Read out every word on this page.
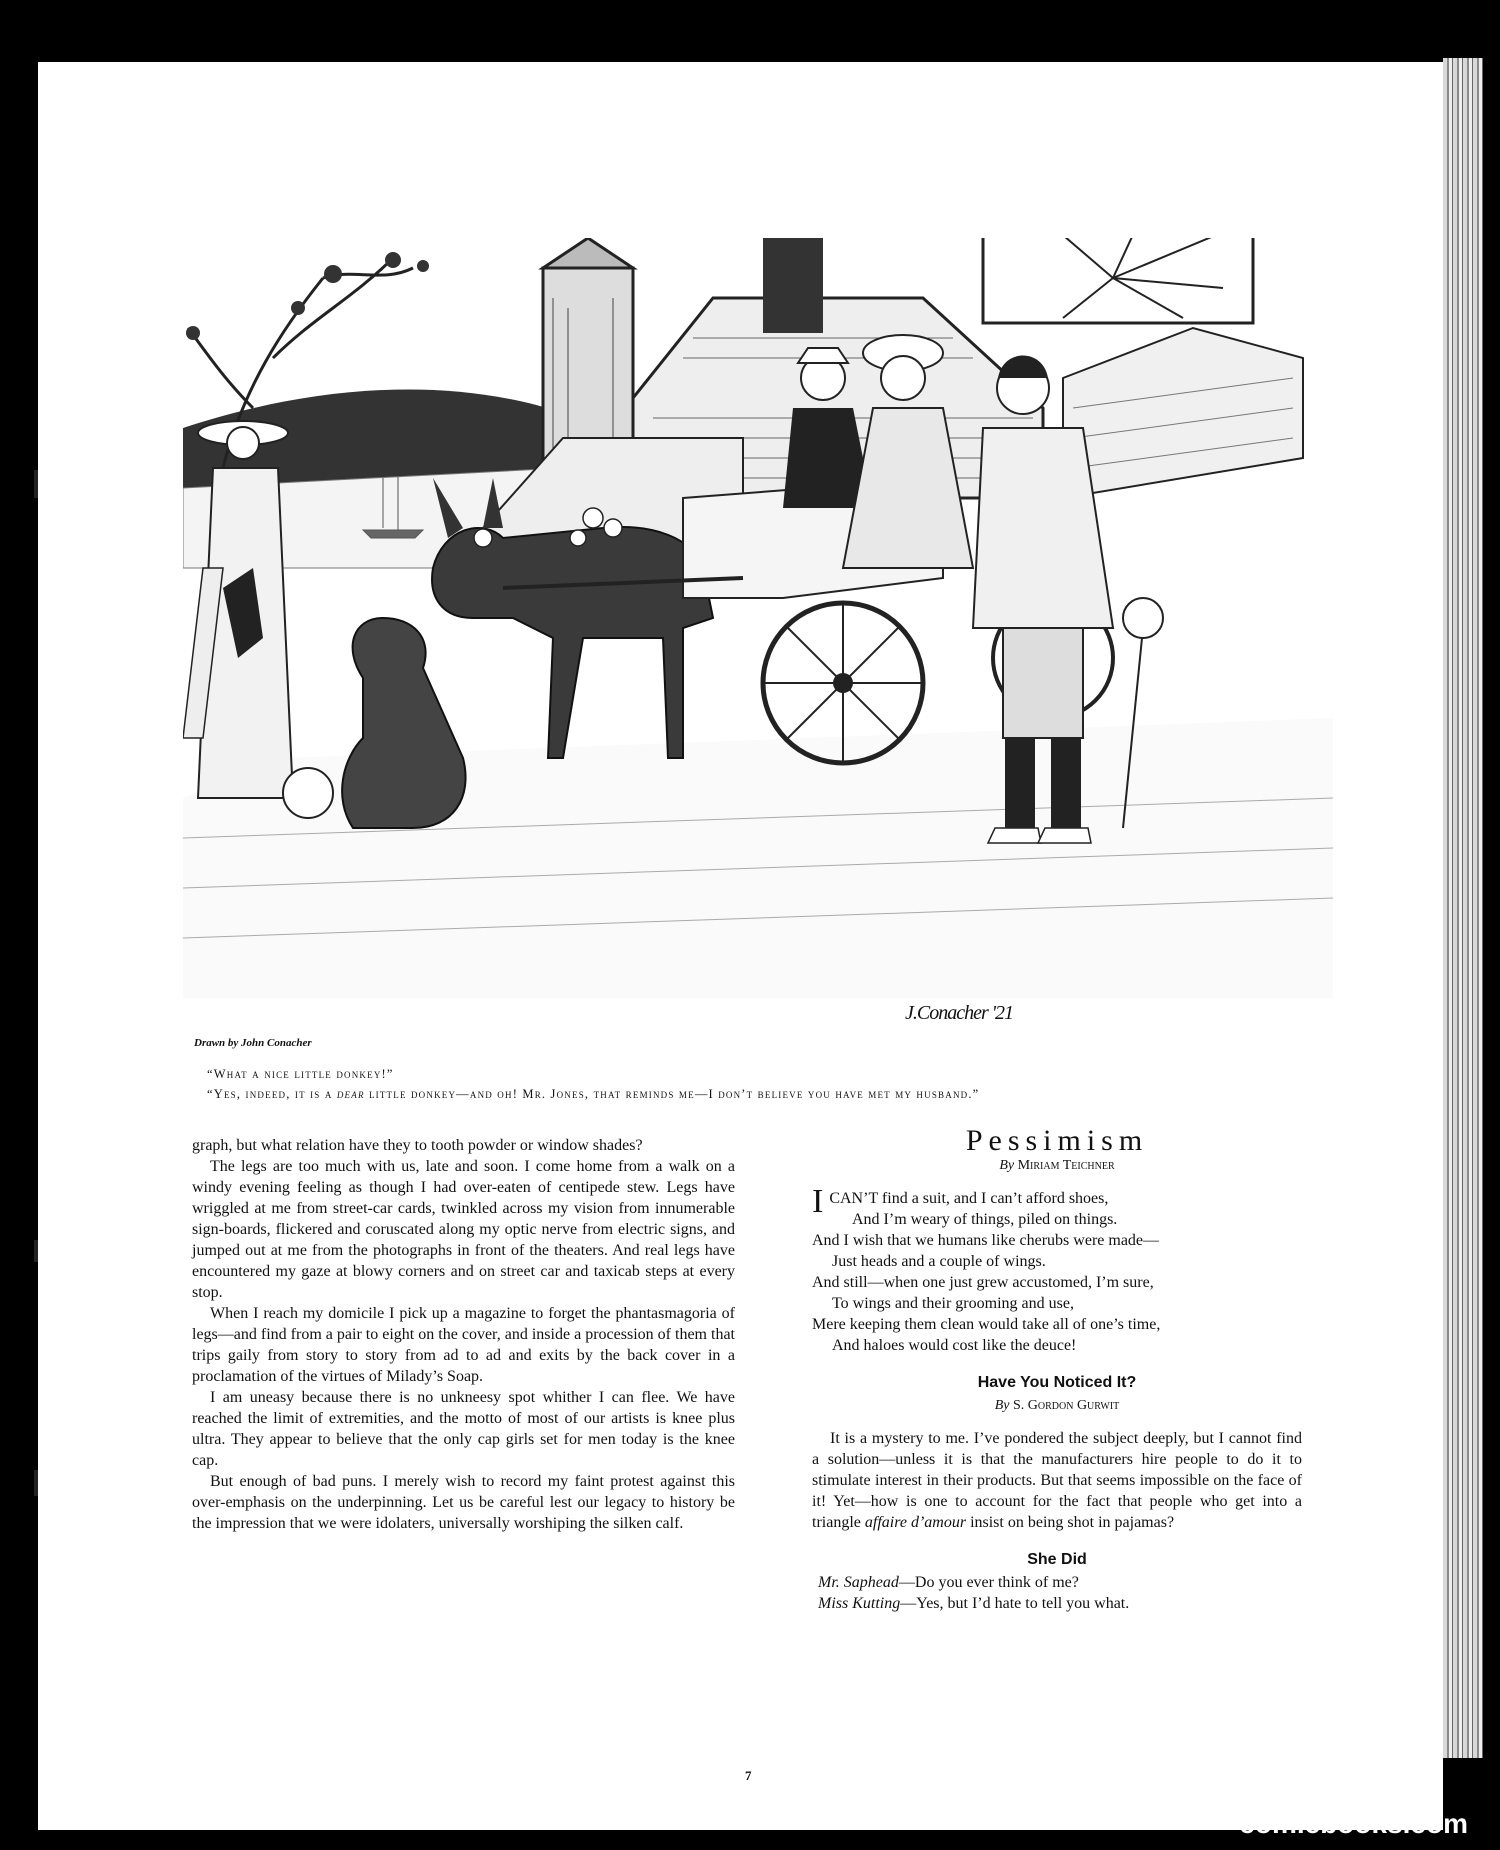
J.Conacher '21
Drawn by John Conacher
“What a nice little donkey!”
“Yes, indeed, it is a dear little donkey—and oh! Mr. Jones, that reminds me—I don’t believe you have met my husband.”

graph, but what relation have they to tooth powder or window shades?

The legs are too much with us, late and soon. I come home from a walk on a windy evening feeling as though I had over-eaten of centipede stew. Legs have wriggled at me from street-car cards, twinkled across my vision from innumerable sign-boards, flickered and coruscated along my optic nerve from electric signs, and jumped out at me from the photographs in front of the theaters. And real legs have encountered my gaze at blowy corners and on street car and taxicab steps at every stop.

When I reach my domicile I pick up a magazine to forget the phantasmagoria of legs—and find from a pair to eight on the cover, and inside a procession of them that trips gaily from story to story from ad to ad and exits by the back cover in a proclamation of the virtues of Milady’s Soap.

I am uneasy because there is no unkneesy spot whither I can flee. We have reached the limit of extremities, and the motto of most of our artists is knee plus ultra. They appear to believe that the only cap girls set for men today is the knee cap.

But enough of bad puns. I merely wish to record my faint protest against this over-emphasis on the underpinning. Let us be careful lest our legacy to history be the impression that we were idolaters, universally worshiping the silken calf.

Pessimism
By Miriam Teichner
ICAN’T find a suit, and I can’t afford shoes,
And I’m weary of things, piled on things.
And I wish that we humans like cherubs were made—
Just heads and a couple of wings.
And still—when one just grew accustomed, I’m sure,
To wings and their grooming and use,
Mere keeping them clean would take all of one’s time,
And haloes would cost like the deuce!
Have You Noticed It?
By S. Gordon Gurwit

It is a mystery to me. I’ve pondered the subject deeply, but I cannot find a solution—unless it is that the manufacturers hire people to do it to stimulate interest in their products. But that seems impossible on the face of it! Yet—how is one to account for the fact that people who get into a triangle affaire d’amour insist on being shot in pajamas?

She Did
Mr. Saphead—Do you ever think of me?
Miss Kutting—Yes, but I’d hate to tell you what.
7
comicbooks.com
